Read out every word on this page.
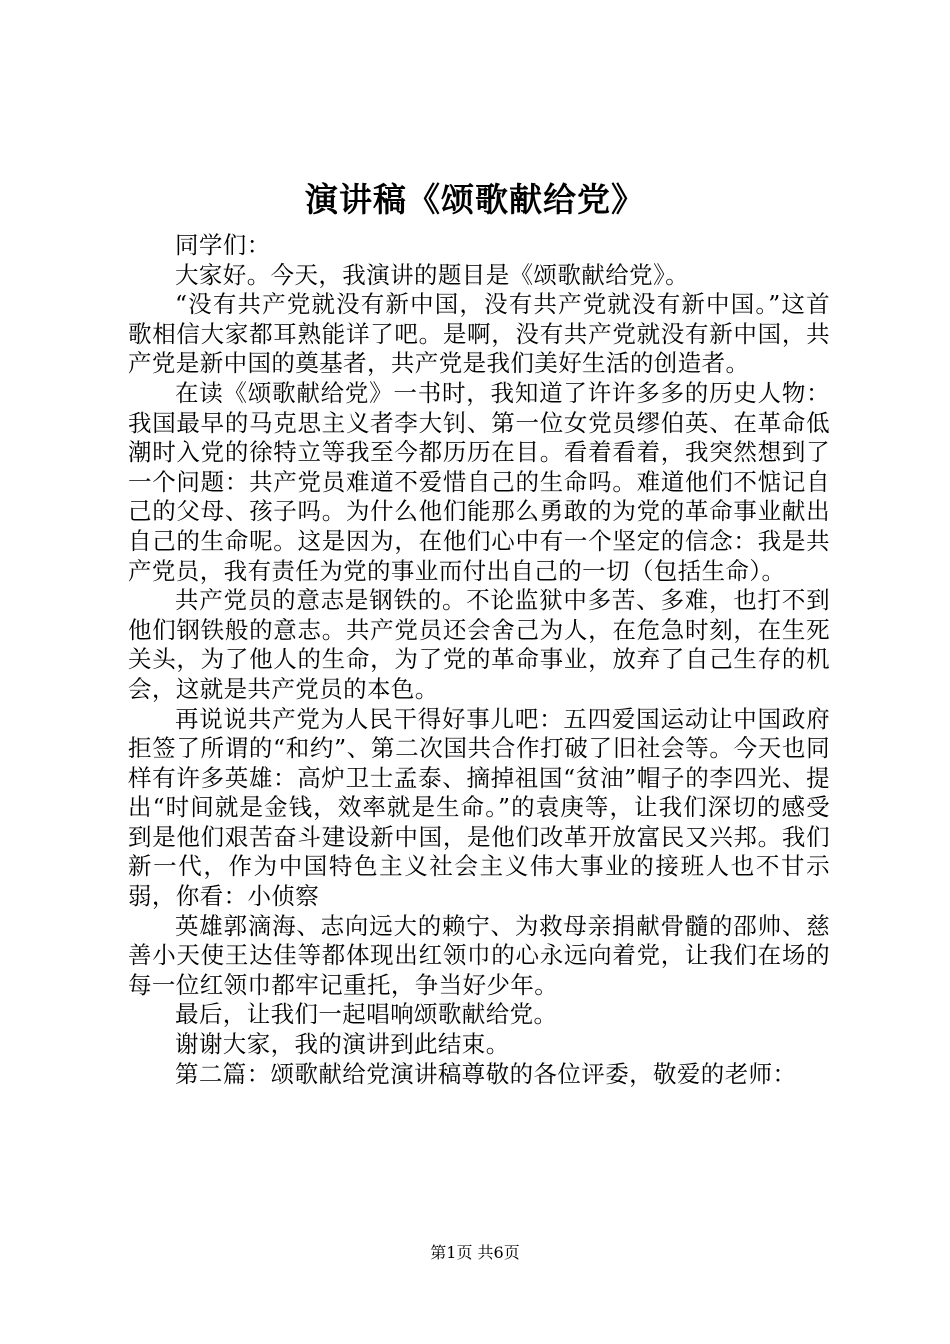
演讲稿《颂歌献给党》

同学们：

大家好。今天，我演讲的题目是《颂歌献给党》。

“没有共产党就没有新中国，没有共产党就没有新中国。”这首歌相信大家都耳熟能详了吧。是啊，没有共产党就没有新中国，共产党是新中国的奠基者，共产党是我们美好生活的创造者。

在读《颂歌献给党》一书时，我知道了许许多多的历史人物：我国最早的马克思主义者李大钊、第一位女党员缪伯英、在革命低潮时入党的徐特立等我至今都历历在目。看着看着，我突然想到了一个问题：共产党员难道不爱惜自己的生命吗。难道他们不惦记自己的父母、孩子吗。为什么他们能那么勇敢的为党的革命事业献出自己的生命呢。这是因为，在他们心中有一个坚定的信念：我是共产党员，我有责任为党的事业而付出自己的一切（包括生命）。

共产党员的意志是钢铁的。不论监狱中多苦、多难，也打不到他们钢铁般的意志。共产党员还会舍己为人，在危急时刻，在生死关头，为了他人的生命，为了党的革命事业，放弃了自己生存的机会，这就是共产党员的本色。

再说说共产党为人民干得好事儿吧：五四爱国运动让中国政府拒签了所谓的“和约”、第二次国共合作打破了旧社会等。今天也同样有许多英雄：高炉卫士孟泰、摘掉祖国“贫油”帽子的李四光、提出“时间就是金钱，效率就是生命。”的袁庚等，让我们深切的感受到是他们艰苦奋斗建设新中国，是他们改革开放富民又兴邦。我们新一代，作为中国特色主义社会主义伟大事业的接班人也不甘示弱，你看：小侦察

英雄郭滴海、志向远大的赖宁、为救母亲捐献骨髓的邵帅、慈善小天使王达佳等都体现出红领巾的心永远向着党，让我们在场的每一位红领巾都牢记重托，争当好少年。

最后，让我们一起唱响颂歌献给党。

谢谢大家，我的演讲到此结束。

第二篇：颂歌献给党演讲稿尊敬的各位评委，敬爱的老师：

第1页 共6页
